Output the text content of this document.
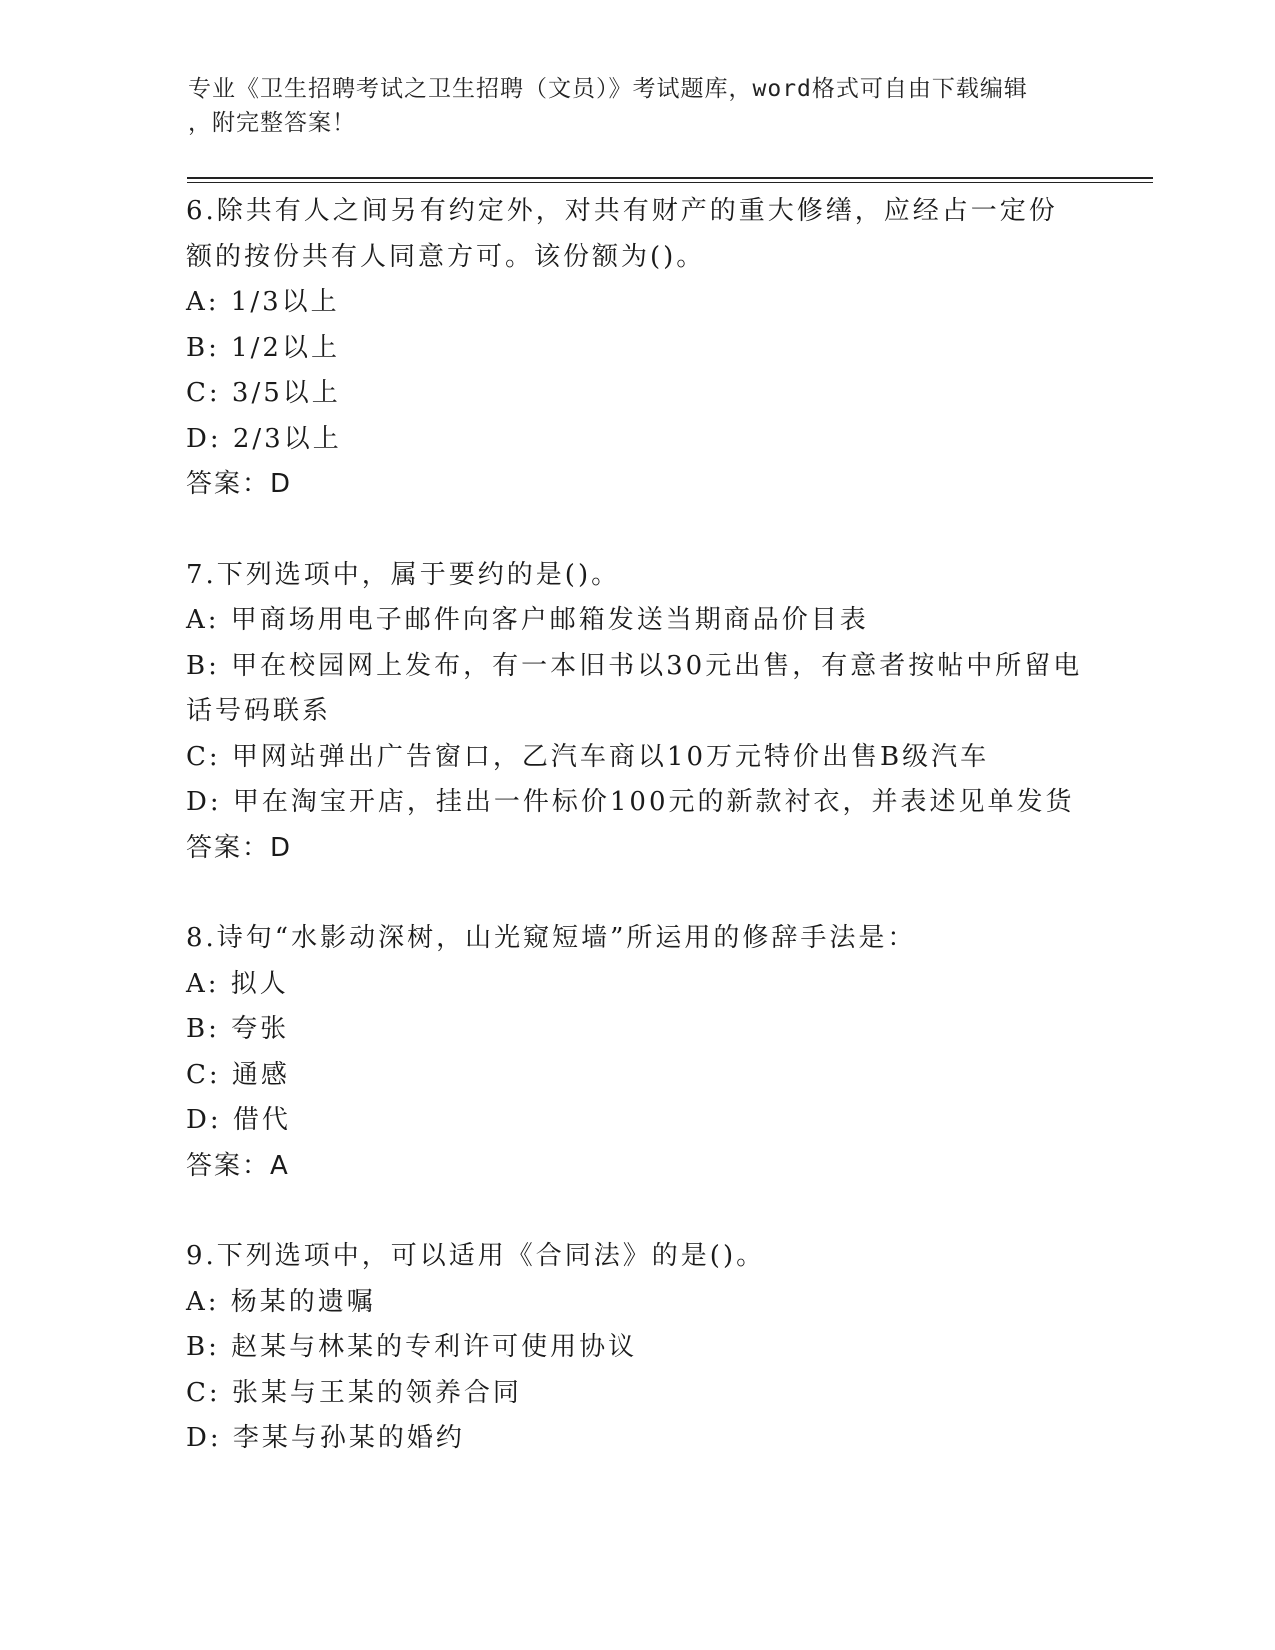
专业《卫生招聘考试之卫生招聘（文员）》考试题库，word格式可自由下载编辑

，附完整答案！

6.除共有人之间另有约定外，对共有财产的重大修缮，应经占一定份额的按份共有人同意方可。该份额为()。
A: 1/3以上
B: 1/2以上
C: 3/5以上
D: 2/3以上
答案：D
7.下列选项中，属于要约的是()。
A: 甲商场用电子邮件向客户邮箱发送当期商品价目表
B: 甲在校园网上发布，有一本旧书以30元出售，有意者按帖中所留电话号码联系
C: 甲网站弹出广告窗口，乙汽车商以10万元特价出售B级汽车
D: 甲在淘宝开店，挂出一件标价100元的新款衬衣，并表述见单发货
答案：D
8.诗句“水影动深树，山光窥短墙”所运用的修辞手法是：
A: 拟人
B: 夸张
C: 通感
D: 借代
答案：A
9.下列选项中，可以适用《合同法》的是()。
A: 杨某的遗嘱
B: 赵某与林某的专利许可使用协议
C: 张某与王某的领养合同
D: 李某与孙某的婚约
